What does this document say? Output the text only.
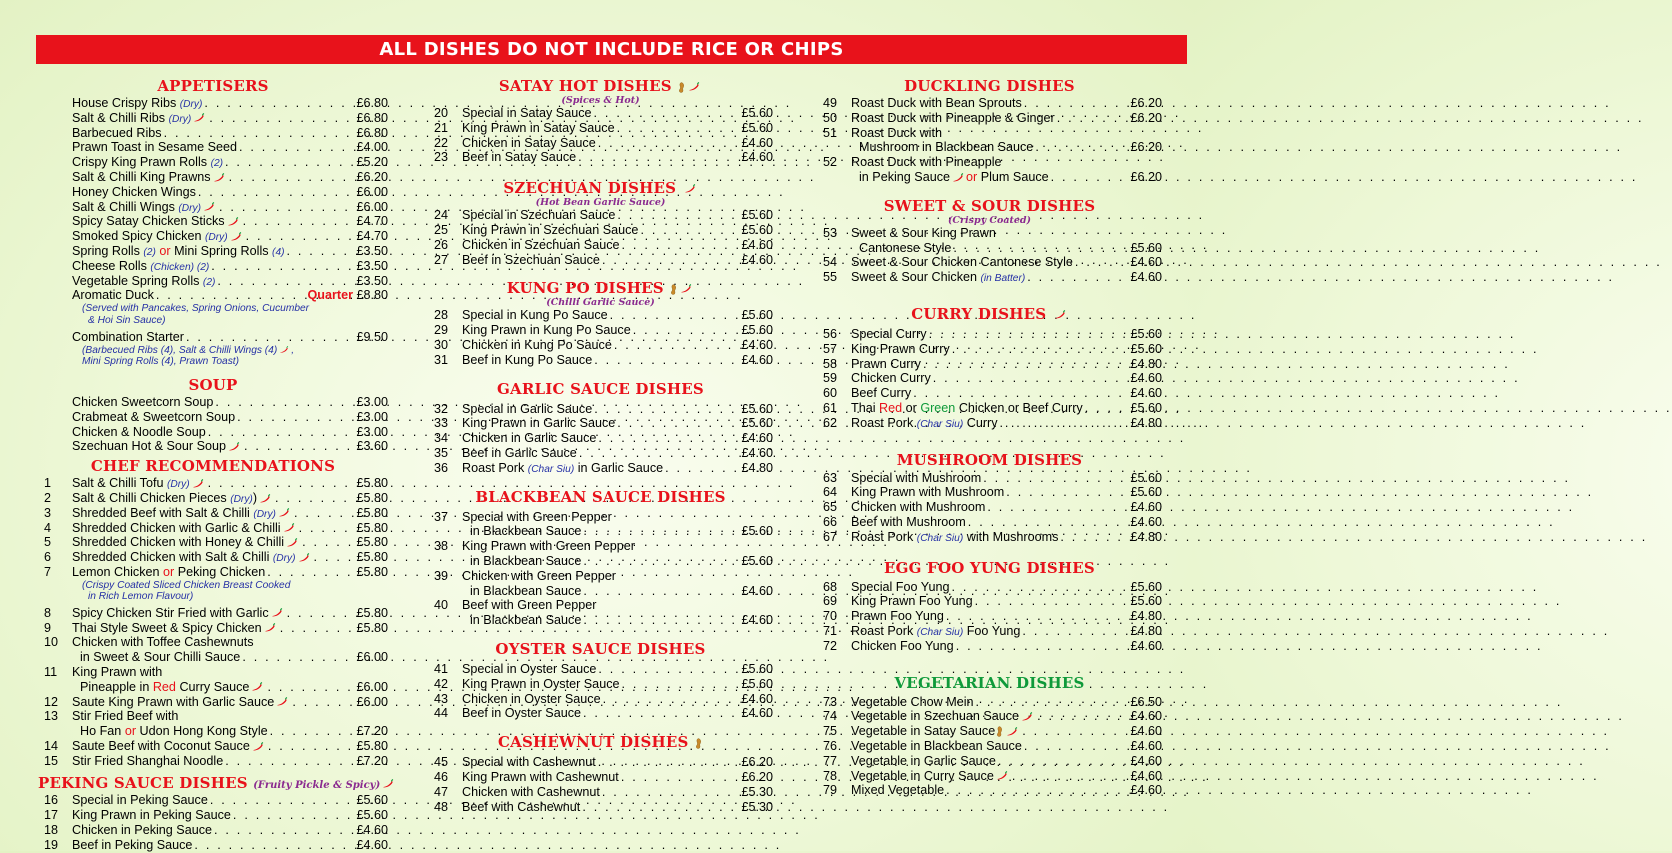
ALL DISHES DO NOT INCLUDE RICE OR CHIPS
APPETISERS
House Crispy Ribs (Dry) . . .	£6.80
Salt & Chilli Ribs (Dry) . . .	£6.80
Barbecued Ribs . . .	£6.80
Prawn Toast in Sesame Seed . . .	£4.00
Crispy King Prawn Rolls (2) . . .	£5.20
Salt & Chilli King Prawns . . .	£6.20
Honey Chicken Wings . . .	£6.00
Salt & Chilli Wings (Dry) . . .	£6.00
Spicy Satay Chicken Sticks . . .	£4.70
Smoked Spicy Chicken (Dry) . . .	£4.70
Spring Rolls (2) or Mini Spring Rolls (4) . . .	£3.50
Cheese Rolls (Chicken) (2) . . .	£3.50
Vegetable Spring Rolls (2) . . .	£3.50
Aromatic Duck . . .	Quarter £8.80
(Served with Pancakes, Spring Onions, Cucumber
& Hoi Sin Sauce)
Combination Starter . . .	£9.50
(Barbecued Ribs (4), Salt & Chilli Wings (4) ,
Mini Spring Rolls (4), Prawn Toast)
SOUP
Chicken Sweetcorn Soup . . .	£3.00
Crabmeat & Sweetcorn Soup . . .	£3.00
Chicken & Noodle Soup . . .	£3.00
Szechuan Hot & Sour Soup . . .	£3.60
CHEF RECOMMENDATIONS
1	Salt & Chilli Tofu (Dry) . . .	£5.80
2	Salt & Chilli Chicken Pieces (Dry)) . . .	£5.80
3	Shredded Beef with Salt & Chilli (Dry) . . .	£5.80
4	Shredded Chicken with Garlic & Chilli . . .	£5.80
5	Shredded Chicken with Honey & Chilli . . .	£5.80
6	Shredded Chicken with Salt & Chilli (Dry) . . .	£5.80
7	Lemon Chicken or Peking Chicken . . .	£5.80
(Crispy Coated Sliced Chicken Breast Cooked
in Rich Lemon Flavour)
8	Spicy Chicken Stir Fried with Garlic . . .	£5.80
9	Thai Style Sweet & Spicy Chicken . . .	£5.80
10	Chicken with Toffee Cashewnuts
in Sweet & Sour Chilli Sauce . . .	£6.00
11	King Prawn with
Pineapple in Red Curry Sauce . . .	£6.00
12	Saute King Prawn with Garlic Sauce . . .	£6.00
13	Stir Fried Beef with
Ho Fan or Udon Hong Kong Style . . .	£7.20
14	Saute Beef with Coconut Sauce . . .	£5.80
15	Stir Fried Shanghai Noodle . . .	£7.20
PEKING SAUCE DISHES (Fruity Pickle & Spicy)
16	Special in Peking Sauce . . .	£5.60
17	King Prawn in Peking Sauce . . .	£5.60
18	Chicken in Peking Sauce . . .	£4.60
19	Beef in Peking Sauce . . .	£4.60
SATAY HOT DISHES
(Spices & Hot)
20	Special in Satay Sauce . . .	£5.60
21	King Prawn in Satay Sauce . . .	£5.60
22	Chicken in Satay Sauce . . .	£4.60
23	Beef in Satay Sauce . . .	£4.60
SZECHUAN DISHES
(Hot Bean Garlic Sauce)
24	Special in Szechuan Sauce . . .	£5.60
25	King Prawn in Szechuan Sauce . . .	£5.60
26	Chicken in Szechuan Sauce . . .	£4.60
27	Beef in Szechuan Sauce . . .	£4.60
KUNG PO DISHES
(Chilli Garlic Sauce)
28	Special in Kung Po Sauce . . .	£5.60
29	King Prawn in Kung Po Sauce . . .	£5.60
30	Chicken in Kung Po Sauce . . .	£4.60
31	Beef in Kung Po Sauce . . .	£4.60
GARLIC SAUCE DISHES
32	Special in Garlic Sauce . . .	£5.60
33	King Prawn in Garlic Sauce . . .	£5.60
34	Chicken in Garlic Sauce . . .	£4.60
35	Beef in Garlic Sauce . . .	£4.60
36	Roast Pork (Char Siu) in Garlic Sauce . . .	£4.80
BLACKBEAN SAUCE DISHES
37	Special with Green Pepper
in Blackbean Sauce . . .	£5.60
38	King Prawn with Green Pepper
in Blackbean Sauce . . .	£5.60
39	Chicken with Green Pepper
in Blackbean Sauce . . .	£4.60
40	Beef with Green Pepper
in Blackbean Sauce . . .	£4.60
OYSTER SAUCE DISHES
41	Special in Oyster Sauce . . .	£5.60
42	King Prawn in Oyster Sauce . . .	£5.60
43	Chicken in Oyster Sauce . . .	£4.60
44	Beef in Oyster Sauce . . .	£4.60
CASHEWNUT DISHES
45	Special with Cashewnut . . .	£6.20
46	King Prawn with Cashewnut . . .	£6.20
47	Chicken with Cashewnut . . .	£5.30
48	Beef with Cashewnut . . .	£5.30
DUCKLING DISHES
49	Roast Duck with Bean Sprouts . . .	£6.20
50	Roast Duck with Pineapple & Ginger . . .	£6.20
51	Roast Duck with
Mushroom in Blackbean Sauce . . .	£6.20
52	Roast Duck with Pineapple
in Peking Sauce or Plum Sauce . . .	£6.20
SWEET & SOUR DISHES
(Crispy Coated)
53	Sweet & Sour King Prawn
Cantonese Style . . .	£5.60
54	Sweet & Sour Chicken Cantonese Style . . .	£4.60
55	Sweet & Sour Chicken (in Batter) . . .	£4.60
CURRY DISHES
56	Special Curry . . .	£5.60
57	King Prawn Curry . . .	£5.60
58	Prawn Curry . . .	£4.80
59	Chicken Curry . . .	£4.60
60	Beef Curry . . .	£4.60
61	Thai Red or Green Chicken or Beef Curry . . .	£5.60
62	Roast Pork (Char Siu) Curry . . .	£4.80
MUSHROOM DISHES
63	Special with Mushroom . . .	£5.60
64	King Prawn with Mushroom . . .	£5.60
65	Chicken with Mushroom . . .	£4.60
66	Beef with Mushroom . . .	£4.60
67	Roast Pork (Char Siu) with Mushrooms . . .	£4.80
EGG FOO YUNG DISHES
68	Special Foo Yung . . .	£5.60
69	King Prawn Foo Yung . . .	£5.60
70	Prawn Foo Yung . . .	£4.80
71	Roast Pork (Char Siu) Foo Yung . . .	£4.80
72	Chicken Foo Yung . . .	£4.60
VEGETARIAN DISHES
73	Vegetable Chow Mein . . .	£6.50
74	Vegetable in Szechuan Sauce . . .	£4.60
75	Vegetable in Satay Sauce . . .	£4.60
76	Vegetable in Blackbean Sauce . . .	£4.60
77	Vegetable in Garlic Sauce . . .	£4.60
78	Vegetable in Curry Sauce . . .	£4.60
79	Mixed Vegetable . . .	£4.60
